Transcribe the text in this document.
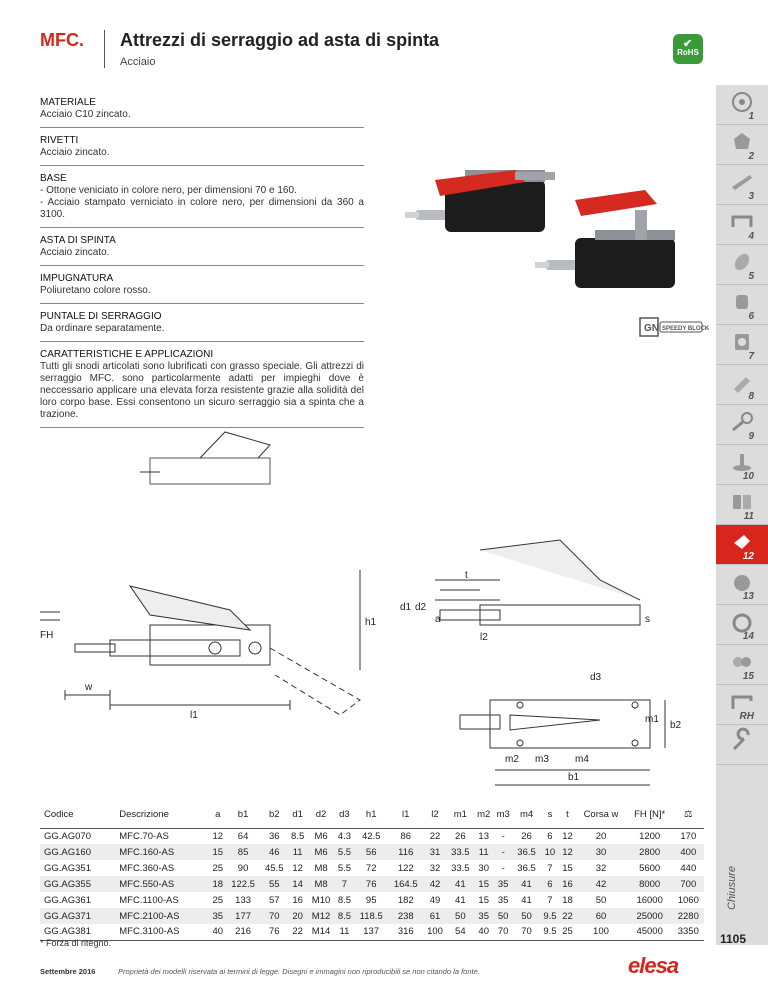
MFC. Attrezzi di serraggio ad asta di spinta
Acciaio
✔
RoHS
MATERIALE

Acciaio C10 zincato.

RIVETTI

Acciaio zincato.

BASE

- Ottone veniciato in colore nero, per dimensioni 70 e 160.
- Acciaio stampato verniciato in colore nero, per dimensioni da 360 a 3100.

ASTA DI SPINTA

Acciaio zincato.

IMPUGNATURA

Poliuretano colore rosso.

PUNTALE DI SERRAGGIO

Da ordinare separatamente.

CARATTERISTICHE E APPLICAZIONI

Tutti gli snodi articolati sono lubrificati con grasso speciale. Gli attrezzi di serraggio MFC. sono particolarmente adatti per impieghi dove è neccessario applicare una elevata forza resistente grazie alla solidità del loro corpo base. Essi consentono un sicuro serraggio sia a spinta che a trazione.

GN SPEEDY BLOCK
1
2
3
4
5
6
7
8
9
10
11
12
13
14
15
RH
Chiusure
FH
w
l1
h1
t
d1 d2
a
l2
s
d3
m1
b2
m2 m3	m4
b1
Codice	Descrizione	a	b1	b2	d1	d2	d3	h1	l1	l2	m1	m2	m3	m4	s	t	Corsa w	FH [N]*	⚖
GG.AG070	MFC.70-AS	12	64	36	8.5	M6	4.3	42.5	86	22	26	13	-	26	6	12	20	1200	170
GG.AG160	MFC.160-AS	15	85	46	11	M6	5.5	56	116	31	33.5	11	-	36.5	10	12	30	2800	400
GG.AG351	MFC.360-AS	25	90	45.5	12	M8	5.5	72	122	32	33.5	30	-	36.5	7	15	32	5600	440
GG.AG355	MFC.550-AS	18	122.5	55	14	M8	7	76	164.5	42	41	15	35	41	6	16	42	8000	700
GG.AG361	MFC.1100-AS	25	133	57	16	M10	8.5	95	182	49	41	15	35	41	7	18	50	16000	1060
GG.AG371	MFC.2100-AS	35	177	70	20	M12	8.5	118.5	238	61	50	35	50	50	9.5	22	60	25000	2280
GG.AG381	MFC.3100-AS	40	216	76	22	M14	11	137	316	100	54	40	70	70	9.5	25	100	45000	3350
* Forza di ritegno.	1105
Settembre 2016	Proprietà dei modelli riservata ai termini di legge. Disegni e immagini non riproducibili se non citando la fonte.	elesa
